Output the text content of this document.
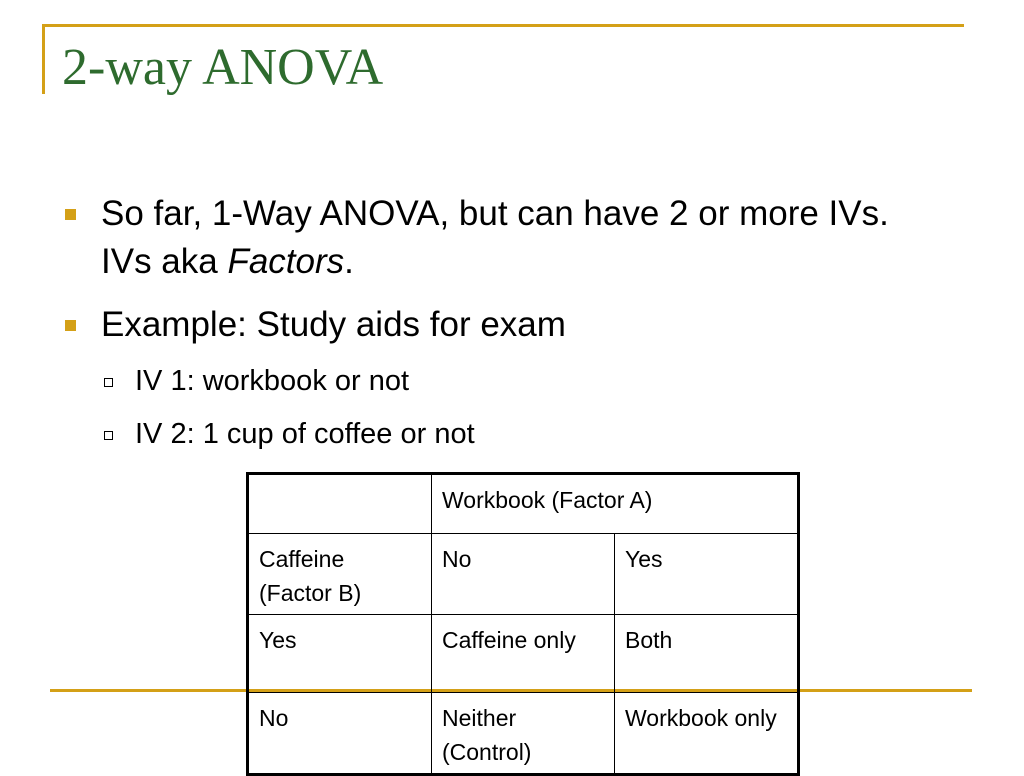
2-way ANOVA
So far, 1-Way ANOVA, but can have 2 or more IVs. IVs aka Factors.
Example: Study aids for exam
IV 1: workbook or not
IV 2: 1 cup of coffee or not
	Workbook (Factor A)	
Caffeine (Factor B)	No	Yes
Yes	Caffeine only	Both
No	Neither (Control)	Workbook only
